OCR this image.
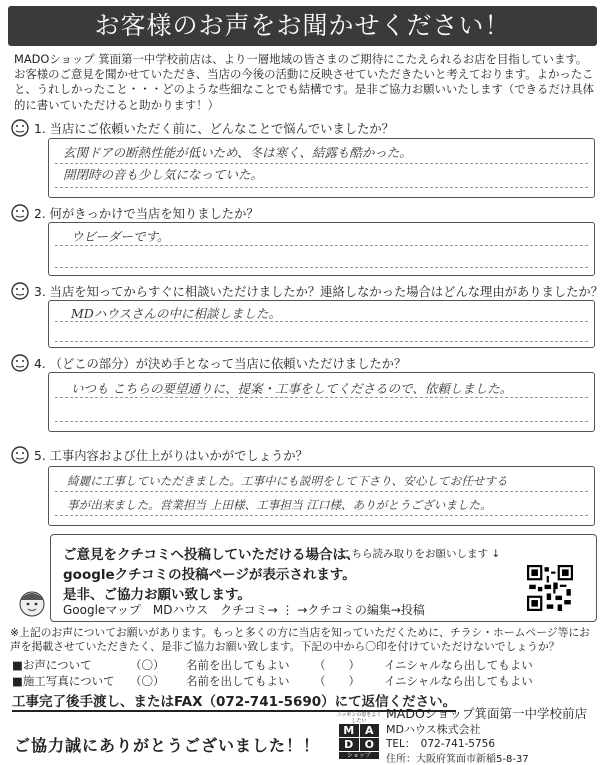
お客様のお声をお聞かせください！
MADOショップ 箕面第一中学校前店は、より一層地域の皆さまのご期待にこたえられるお店を目指しています。お客様のご意見を聞かせていただき、当店の今後の活動に反映させていただきたいと考えております。よかったこと、うれしかったこと・・・どのような些細なことでも結構です。是非ご協力お願いいたします（できるだけ具体的に書いていただけると助かります！）
1. 当店にご依頼いただく前に、どんなことで悩んでいましたか？
玄関ドアの断熱性能が低いため、冬は寒く、結露も酷かった。
開閉時の音も少し気になっていた。
2. 何がきっかけで当店を知りましたか？
ウビーダーです。
3. 当店を知ってからすぐに相談いただけましたか？連絡しなかった場合はどんな理由がありましたか？
MDハウスさんの中に相談しました。
4. （どこの部分）が決め手となって当店に依頼いただけましたか？
いつも こちらの要望通りに、提案・工事をしてくださるので、依頼しました。
5. 工事内容および仕上がりはいかがでしょうか？
綺麗に工事していただきました。工事中にも説明をして下さり、安心してお任せする
事が出来ました。営業担当 上田様、工事担当 江口様、ありがとうございました。
ご意見をクチコミへ投稿していただける場合は、
こちら読み取りをお願いします ↓
googleクチコミの投稿ページが表示されます。
是非、ご協力お願い致します。
Googleマップ　MDハウス　クチコミ→ ⋮ →クチコミの編集→投稿
※上記のお声についてお願いがあります。もっと多くの方に当店を知っていただくために、チラシ・ホームページ等にお声を掲載させていただきたく、是非ご協力お願い致します。下記の中から〇印を付けていただけないでしょうか？
■お声について	（〇）	名前を出してもよい	（　　）	イニシャルなら出してもよい
■施工写真について	（〇）	名前を出してもよい	（　　）	イニシャルなら出してもよい
工事完了後手渡し、またはFAX（072-741-5690）にて返信ください。
ご協力誠にありがとうございました！！
ニッポンの窓をよくしたい
M A
D	O
ショップ
MADOショップ箕面第一中学校前店
MDハウス株式会社
TEL：　072-741-5756
住所：大阪府箕面市新稲5-8-37
